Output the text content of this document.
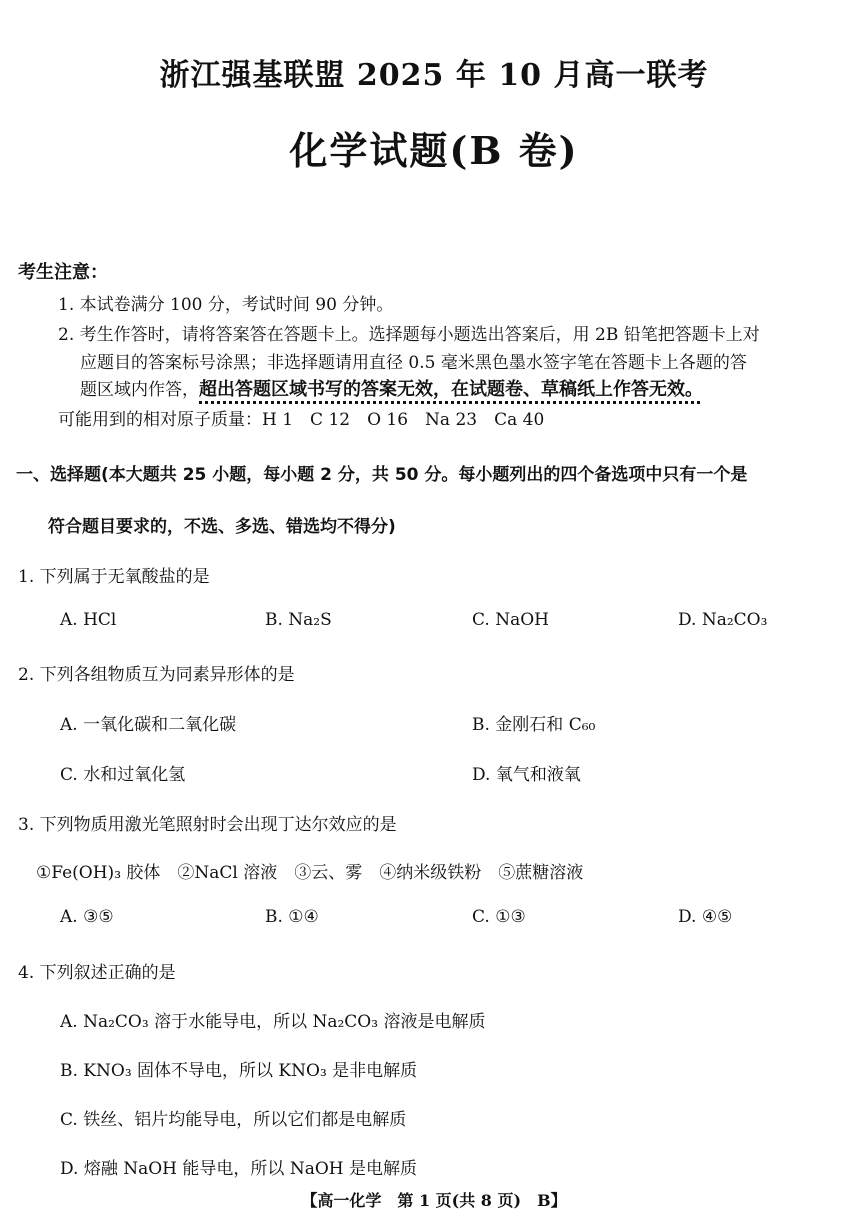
浙江强基联盟 2025 年 10 月高一联考
化学试题(B 卷)
考生注意：
1. 本试卷满分 100 分，考试时间 90 分钟。
2. 考生作答时，请将答案答在答题卡上。选择题每小题选出答案后，用 2B 铅笔把答题卡上对
应题目的答案标号涂黑；非选择题请用直径 0.5 毫米黑色墨水签字笔在答题卡上各题的答
题区域内作答，超出答题区域书写的答案无效，在试题卷、草稿纸上作答无效。
可能用到的相对原子质量：H 1　C 12　O 16　Na 23　Ca 40
一、选择题(本大题共 25 小题，每小题 2 分，共 50 分。每小题列出的四个备选项中只有一个是
符合题目要求的，不选、多选、错选均不得分)
1. 下列属于无氧酸盐的是
A. HCl	B. Na₂S	C. NaOH	D. Na₂CO₃
2. 下列各组物质互为同素异形体的是
A. 一氧化碳和二氧化碳	B. 金刚石和 C₆₀
C. 水和过氧化氢	D. 氧气和液氧
3. 下列物质用激光笔照射时会出现丁达尔效应的是
①Fe(OH)₃ 胶体　②NaCl 溶液　③云、雾　④纳米级铁粉　⑤蔗糖溶液
A. ③⑤	B. ①④	C. ①③	D. ④⑤
4. 下列叙述正确的是
A. Na₂CO₃ 溶于水能导电，所以 Na₂CO₃ 溶液是电解质
B. KNO₃ 固体不导电，所以 KNO₃ 是非电解质
C. 铁丝、铝片均能导电，所以它们都是电解质
D. 熔融 NaOH 能导电，所以 NaOH 是电解质
【高一化学　第 1 页(共 8 页)　B】
